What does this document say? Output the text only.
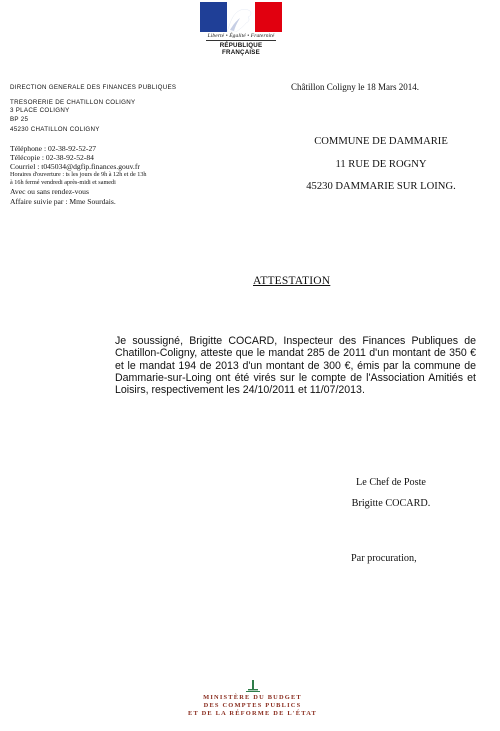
Liberté • Égalité • Fraternité
RÉPUBLIQUE FRANÇAISE
DIRECTION GENERALE DES FINANCES PUBLIQUES
TRESORERIE DE CHATILLON COLIGNY
3 PLACE COLIGNY
BP 25
45230 CHATILLON COLIGNY
Téléphone : 02-38-92-52-27
Télécopie : 02-38-92-52-84
Courriel : t045034@dgfip.finances.gouv.fr
Horaires d'ouverture : ts les jours de 9h à 12h et de 13h
à 16h fermé vendredi après-midi et samedi
Avec ou sans rendez-vous
Affaire suivie par : Mme Sourdais.
Châtillon Coligny le 18 Mars 2014.
COMMUNE DE DAMMARIE
11 RUE DE ROGNY
45230 DAMMARIE SUR LOING.
ATTESTATION
Je soussigné, Brigitte COCARD, Inspecteur des Finances Publiques de Chatillon-Coligny, atteste que le mandat 285 de 2011 d'un montant de 350 € et le mandat 194 de 2013 d'un montant de 300 €, émis par la commune de Dammarie-sur-Loing ont été virés sur le compte de l'Association Amitiés et Loisirs, respectivement les 24/10/2011 et 11/07/2013.
Le Chef de Poste
Brigitte COCARD.
Par procuration,
MINISTÈRE DU BUDGET
DES COMPTES PUBLICS
ET DE LA RÉFORME DE L'ÉTAT
